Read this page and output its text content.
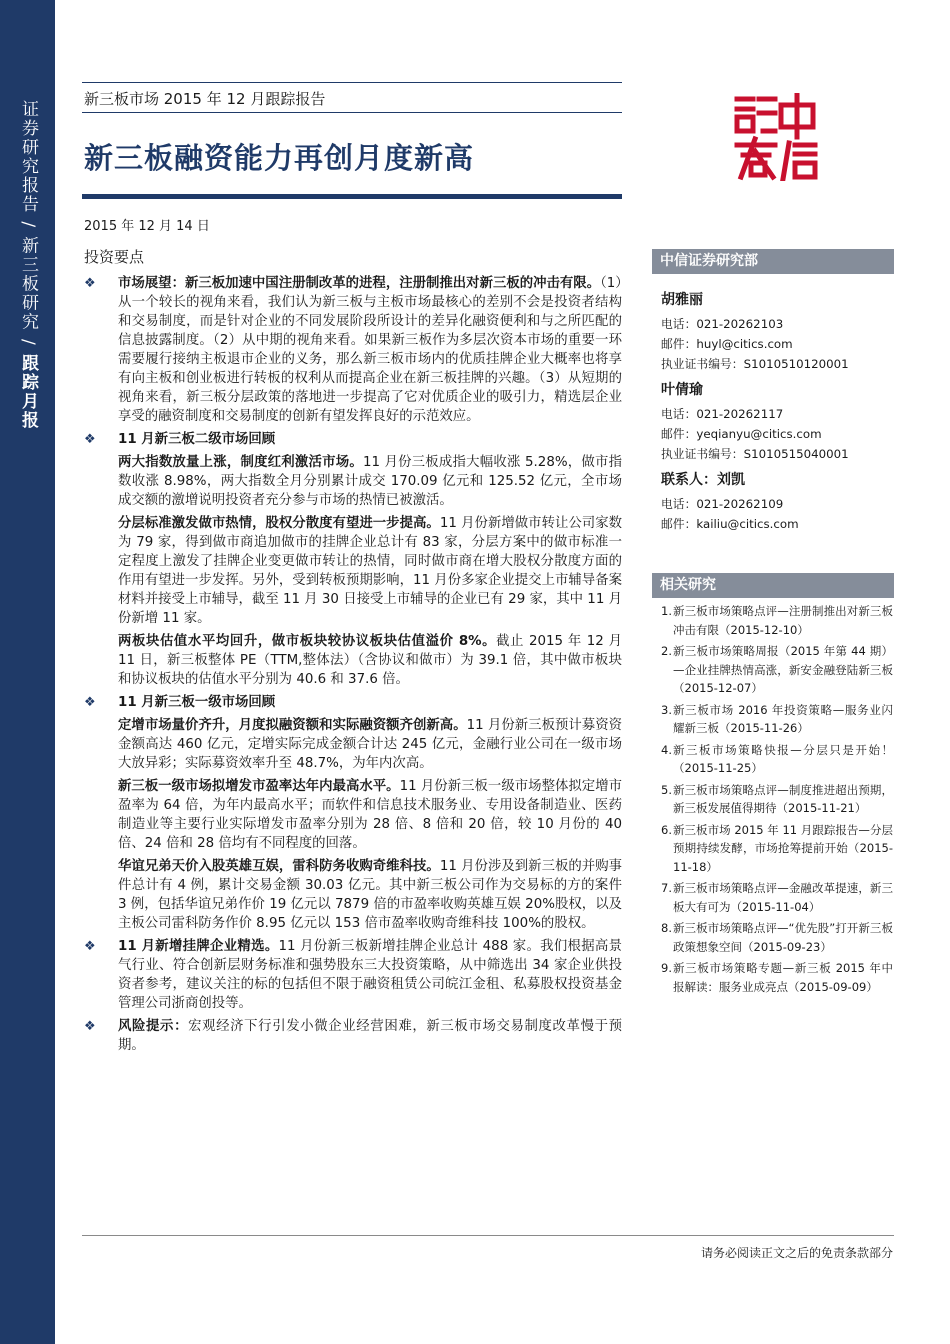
证券研究报告 / 新三板研究 / 跟踪月报
新三板市场 2015 年 12 月跟踪报告
新三板融资能力再创月度新高
2015 年 12 月 14 日
投资要点
❖	市场展望：新三板加速中国注册制改革的进程，注册制推出对新三板的冲击有限。（1）从一个较长的视角来看，我们认为新三板与主板市场最核心的差别不会是投资者结构和交易制度，而是针对企业的不同发展阶段所设计的差异化融资便利和与之所匹配的信息披露制度。（2）从中期的视角来看。如果新三板作为多层次资本市场的重要一环需要履行接纳主板退市企业的义务，那么新三板市场内的优质挂牌企业大概率也将享有向主板和创业板进行转板的权利从而提高企业在新三板挂牌的兴趣。（3）从短期的视角来看，新三板分层政策的落地进一步提高了它对优质企业的吸引力，精选层企业享受的融资制度和交易制度的创新有望发挥良好的示范效应。
❖	11 月新三板二级市场回顾
两大指数放量上涨，制度红利激活市场。11 月份三板成指大幅收涨 5.28%，做市指数收涨 8.98%，两大指数全月分别累计成交 170.09 亿元和 125.52 亿元，全市场成交额的激增说明投资者充分参与市场的热情已被激活。
分层标准激发做市热情，股权分散度有望进一步提高。11 月份新增做市转让公司家数为 79 家，得到做市商追加做市的挂牌企业总计有 83 家，分层方案中的做市标准一定程度上激发了挂牌企业变更做市转让的热情，同时做市商在增大股权分散度方面的作用有望进一步发挥。另外，受到转板预期影响，11 月份多家企业提交上市辅导备案材料并接受上市辅导，截至 11 月 30 日接受上市辅导的企业已有 29 家，其中 11 月份新增 11 家。
两板块估值水平均回升，做市板块较协议板块估值溢价 8%。截止 2015 年 12 月 11 日，新三板整体 PE（TTM,整体法）（含协议和做市）为 39.1 倍，其中做市板块和协议板块的估值水平分别为 40.6 和 37.6 倍。
❖	11 月新三板一级市场回顾
定增市场量价齐升，月度拟融资额和实际融资额齐创新高。11 月份新三板预计募资资金额高达 460 亿元，定增实际完成金额合计达 245 亿元，金融行业公司在一级市场大放异彩；实际募资效率升至 48.7%，为年内次高。
新三板一级市场拟增发市盈率达年内最高水平。11 月份新三板一级市场整体拟定增市盈率为 64 倍，为年内最高水平；而软件和信息技术服务业、专用设备制造业、医药制造业等主要行业实际增发市盈率分别为 28 倍、8 倍和 20 倍，较 10 月份的 40 倍、24 倍和 28 倍均有不同程度的回落。
华谊兄弟天价入股英雄互娱，雷科防务收购奇维科技。11 月份涉及到新三板的并购事件总计有 4 例，累计交易金额 30.03 亿元。其中新三板公司作为交易标的方的案件 3 例，包括华谊兄弟作价 19 亿元以 7879 倍的市盈率收购英雄互娱 20%股权，以及主板公司雷科防务作价 8.95 亿元以 153 倍市盈率收购奇维科技 100%的股权。
❖	11 月新增挂牌企业精选。11 月份新三板新增挂牌企业总计 488 家。我们根据高景气行业、符合创新层财务标准和强势股东三大投资策略，从中筛选出 34 家企业供投资者参考，建议关注的标的包括但不限于融资租赁公司皖江金租、私募股权投资基金管理公司浙商创投等。
❖	风险提示：宏观经济下行引发小微企业经营困难，新三板市场交易制度改革慢于预期。
中信证券研究部
胡雅丽
电话：021-20262103
邮件：huyl@citics.com
执业证书编号：S1010510120001
叶倩瑜
电话：021-20262117
邮件：yeqianyu@citics.com
执业证书编号：S1010515040001
联系人：刘凯
电话：021-20262109
邮件：kailiu@citics.com
相关研究
1. 新三板市场策略点评—注册制推出对新三板冲击有限（2015-12-10）
2. 新三板市场策略周报（2015 年第 44 期）—企业挂牌热情高涨，新安金融登陆新三板（2015-12-07）
3. 新三板市场 2016 年投资策略—服务业闪耀新三板（2015-11-26）
4. 新三板市场策略快报—分层只是开始！（2015-11-25）
5. 新三板市场策略点评—制度推进超出预期，新三板发展值得期待（2015-11-21）
6. 新三板市场 2015 年 11 月跟踪报告—分层预期持续发酵，市场抢筹提前开始（2015-11-18）
7. 新三板市场策略点评—金融改革提速，新三板大有可为（2015-11-04）
8. 新三板市场策略点评—“优先股”打开新三板政策想象空间（2015-09-23）
9. 新三板市场策略专题—新三板 2015 年中报解读：服务业成亮点（2015-09-09）
请务必阅读正文之后的免责条款部分
